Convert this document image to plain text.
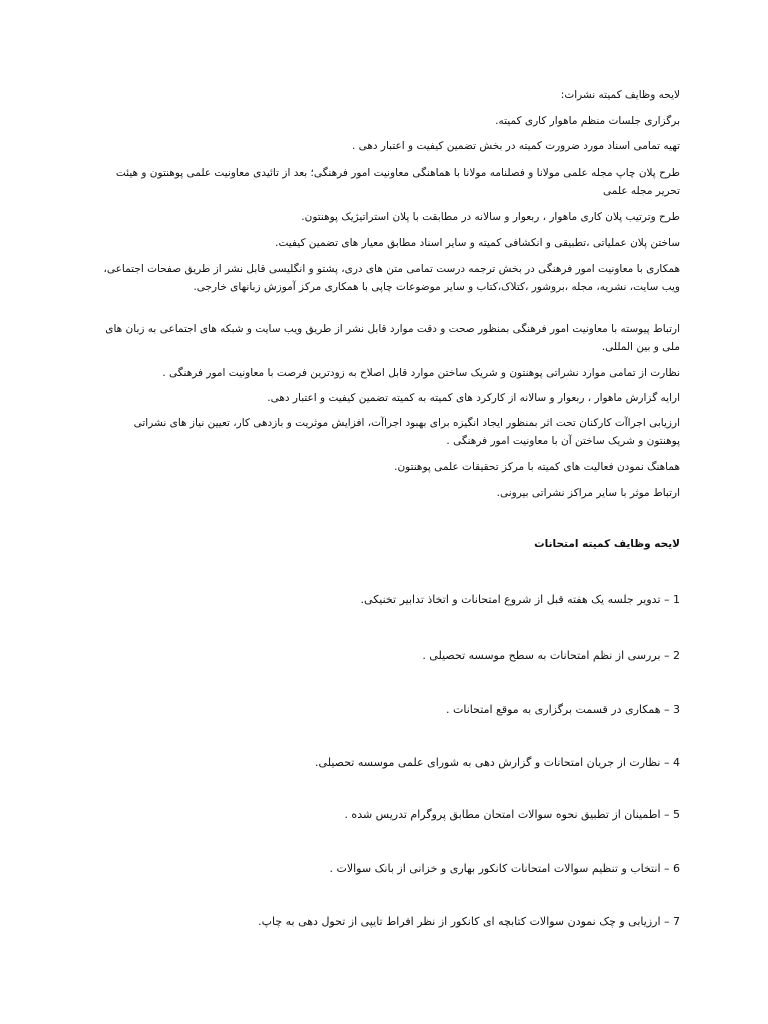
لایحه وظایف کمیته نشرات:

برگزاری جلسات منظم ماهوار کاری کمیته.

تهیه تمامی اسناد مورد ضرورت کمیته در بخش تضمین کیفیت و اعتبار دهی .

طرح پلان چاپ مجله علمی مولانا و فصلنامه مولانا با هماهنگی معاونیت امور فرهنگی؛ بعد از تائیدی معاونیت علمی پوهنتون و هیئت تحریر مجله علمی

طرح وترتیب پلان کاری ماهوار ، ربعوار و سالانه در مطابقت با پلان استراتیژیک پوهنتون.

ساختن پلان عملیاتی ،تطبیقی و انکشافی کمیته و سایر اسناد مطابق معیار های تضمین کیفیت.

همکاری با معاونیت امور فرهنگی در بخش ترجمه درست تمامی متن های دری، پشتو و انگلیسی قابل نشر از طریق صفحات اجتماعی، ویب سایت، نشریه، مجله ،بروشور ،کتلاک،کتاب و سایر موضوعات چاپی با همکاری مرکز آموزش زبانهای خارجی.

ارتباط پیوسته با معاونیت امور فرهنگی بمنظور صحت و دقت موارد قابل نشر از طریق ویب سایت و شبکه های اجتماعی به زبان های ملی و بین المللی.

نظارت از تمامی موارد نشراتی پوهنتون و شریک ساختن موارد قابل اصلاح به زودترین فرصت با معاونیت امور فرهنگی .

ارایه گزارش ماهوار ، ربعوار و سالانه از کارکرد های کمیته به کمیته تضمین کیفیت و اعتبار دهی.

ارزیابی اجراآت کارکنان تحت اثر بمنظور ایجاد انگیزه برای بهبود اجراآت، افزایش موثریت و بازدهی کار، تعیین نیاز های نشراتی پوهنتون و شریک ساختن آن با معاونیت امور فرهنگی .

هماهنگ نمودن فعالیت های کمیته با مرکز تحقیقات علمی پوهنتون.

ارتباط موثر با سایر مراکز نشراتی بیرونی.

لایحه وظایف کمیته امتحانات

1 – تدویر جلسه یک هفته قبل از شروع امتحانات و اتخاذ تدابیر تخنیکی.

2 – بررسی از نظم امتحانات به سطح موسسه تحصیلی .

3 – همکاری در قسمت برگزاری به موقع امتحانات .

4 – نظارت از جریان امتحانات و گزارش دهی به شورای علمی موسسه تحصیلی.

5 – اطمینان از تطبیق نحوه سوالات امتحان مطابق پروگرام تدریس شده .

6 – انتخاب و تنظیم سوالات امتحانات کانکور بهاری و خزانی از بانک سوالات .

7 – ارزیابی و چک نمودن سوالات کتابچه ای کانکور از نظر افراط تایپی از تحول دهی به چاپ.
